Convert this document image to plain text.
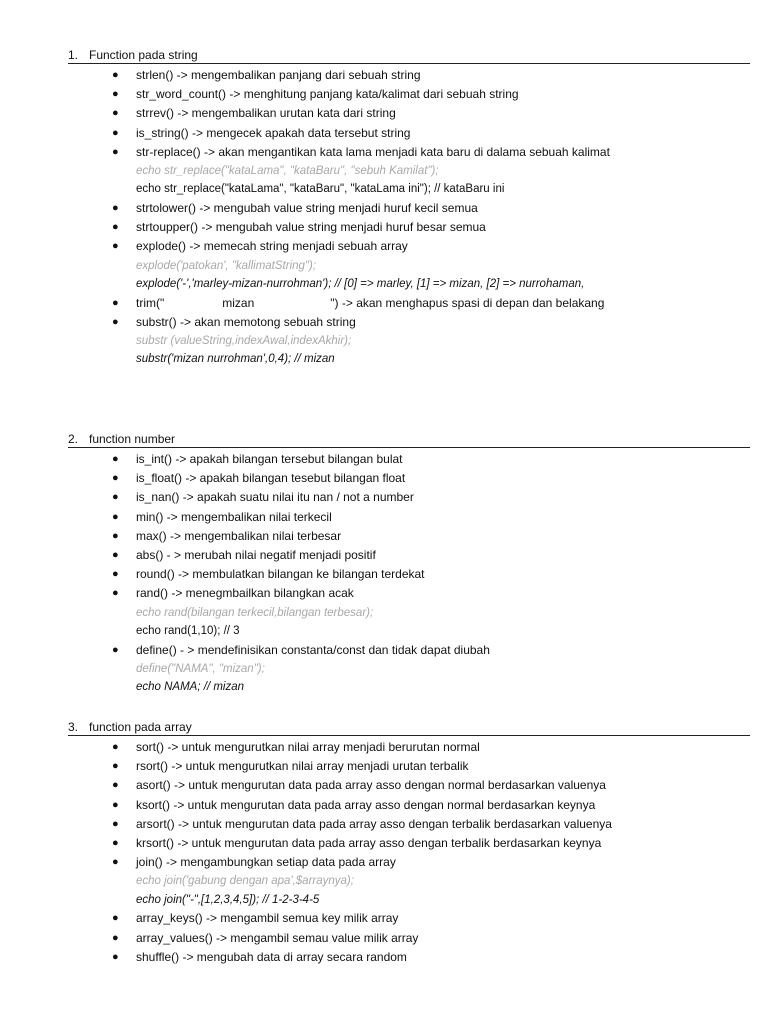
1. Function pada string
● strlen() -> mengembalikan panjang dari sebuah string
● str_word_count() -> menghitung panjang kata/kalimat dari sebuah string
● strrev() -> mengembalikan urutan kata dari string
● is_string() -> mengecek apakah data tersebut string
● str-replace() -> akan mengantikan kata lama menjadi kata baru di dalama sebuah kalimat
echo str_replace("kataLama", "kataBaru", "sebuh Kamilat");
echo str_replace("kataLama", "kataBaru", "kataLama ini"); // kataBaru ini
● strtolower() -> mengubah value string menjadi huruf kecil semua
● strtoupper() -> mengubah value string menjadi huruf besar semua
● explode() -> memecah string menjadi sebuah array
explode('patokan', "kallimatString");
explode('-','marley-mizan-nurrohman'); // [0] => marley, [1] => mizan, [2] => nurrohaman,
● trim("	mizan	") -> akan menghapus spasi di depan dan belakang
● substr() -> akan memotong sebuah string
substr (valueString,indexAwal,indexAkhir);
substr('mizan nurrohman',0,4); // mizan
2. function number
● is_int() -> apakah bilangan tersebut bilangan bulat
● is_float() -> apakah bilangan tesebut bilangan float
● is_nan() -> apakah suatu nilai itu nan / not a number
● min() -> mengembalikan nilai terkecil
● max() -> mengembalikan nilai terbesar
● abs() - > merubah nilai negatif menjadi positif
● round() -> membulatkan bilangan ke bilangan terdekat
● rand() -> menegmbailkan bilangkan acak
echo rand(bilangan terkecil,bilangan terbesar);
echo rand(1,10); // 3
● define() - > mendefinisikan constanta/const dan tidak dapat diubah
define("NAMA", "mizan");
echo NAMA; // mizan
3. function pada array
● sort() -> untuk mengurutkan nilai array menjadi berurutan normal
● rsort() -> untuk mengurutkan nilai array menjadi urutan terbalik
● asort() -> untuk mengurutan data pada array asso dengan normal berdasarkan valuenya
● ksort() -> untuk mengurutan data pada array asso dengan normal berdasarkan keynya
● arsort() -> untuk mengurutan data pada array asso dengan terbalik berdasarkan valuenya
● krsort() -> untuk mengurutan data pada array asso dengan terbalik berdasarkan keynya
● join() -> mengambungkan setiap data pada array
echo join('gabung dengan apa',$arraynya);
echo join("-",[1,2,3,4,5]); // 1-2-3-4-5
● array_keys() -> mengambil semua key milik array
● array_values() -> mengambil semau value milik array
● shuffle() -> mengubah data di array secara random
